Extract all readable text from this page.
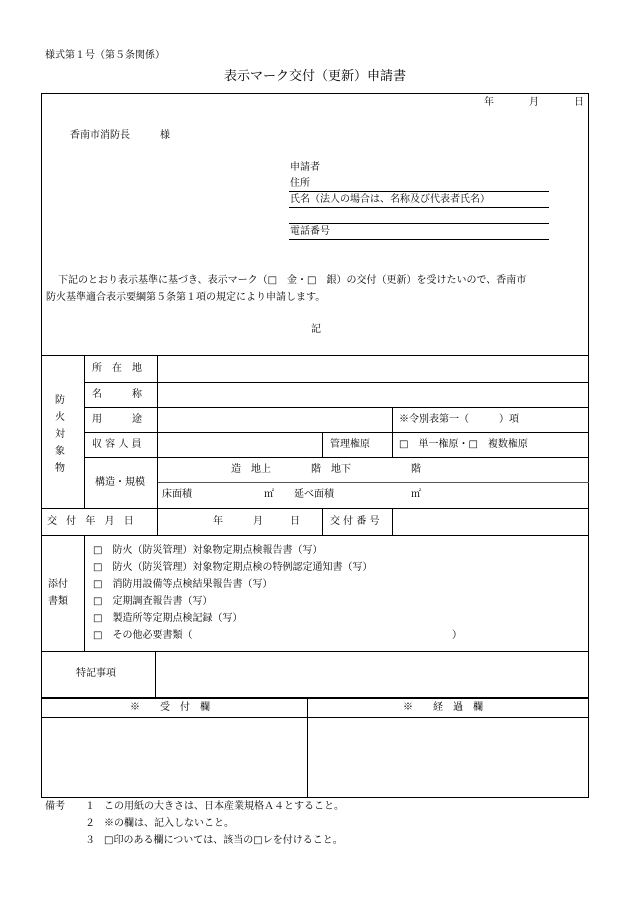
様式第１号（第５条関係）
表示マーク交付（更新）申請書
年	月	日
香南市消防長	様
申請者
住所
氏名（法人の場合は、名称及び代表者氏名）
電話番号
下記のとおり表示基準に基づき、表示マーク（□　金・□　銀）の交付（更新）を受けたいので、香南市
防火基準適合表示要綱第５条第１項の規定により申請します。
記
防
火
対
象
物
所　在　地
名　　　称
用　　　途	※令別表第一（　　　）項
収 容 人 員	管理権原	□　単一権原・□　複数権原
構造・規模
造　地上	階　地下	階
床面積	㎡　　延べ面積	㎡
交 付 年 月 日	年	月	日	交 付 番 号
添付
書類
□　防火（防災管理）対象物定期点検報告書（写）
□　防火（防災管理）対象物定期点検の特例認定通知書（写）
□　消防用設備等点検結果報告書（写）
□　定期調査報告書（写）
□　製造所等定期点検記録（写）
□　その他必要書類（	）
特記事項
※　　受　付　欄	※　　経　過　欄
備考 １ この用紙の大きさは、日本産業規格Ａ４とすること。
２ ※の欄は、記入しないこと。
３ □印のある欄については、該当の□レを付けること。
